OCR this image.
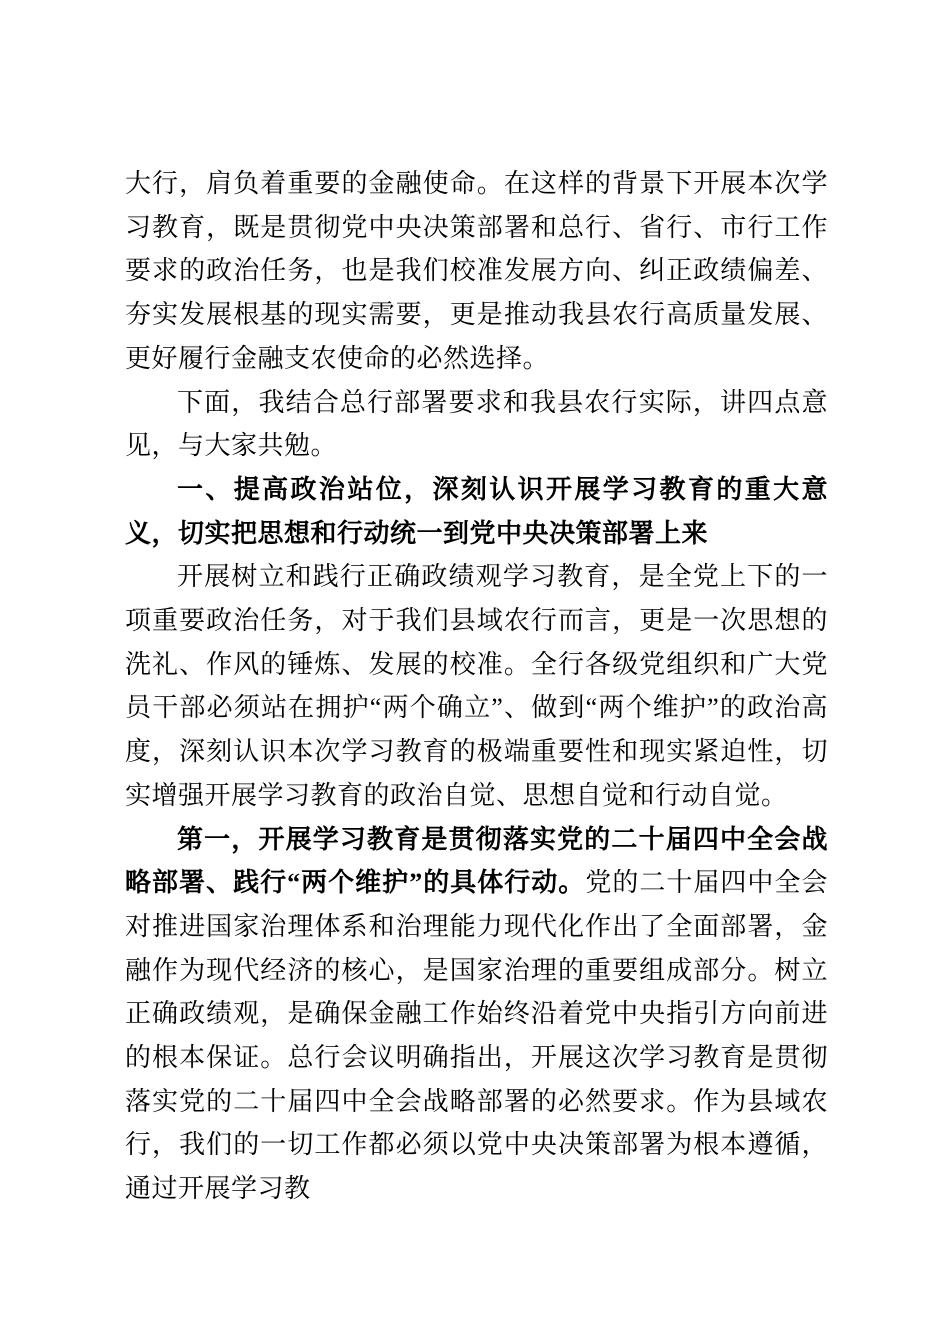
大行，肩负着重要的金融使命。在这样的背景下开展本次学习教育，既是贯彻党中央决策部署和总行、省行、市行工作要求的政治任务，也是我们校准发展方向、纠正政绩偏差、夯实发展根基的现实需要，更是推动我县农行高质量发展、更好履行金融支农使命的必然选择。

下面，我结合总行部署要求和我县农行实际，讲四点意见，与大家共勉。

一、提高政治站位，深刻认识开展学习教育的重大意义，切实把思想和行动统一到党中央决策部署上来

开展树立和践行正确政绩观学习教育，是全党上下的一项重要政治任务，对于我们县域农行而言，更是一次思想的洗礼、作风的锤炼、发展的校准。全行各级党组织和广大党员干部必须站在拥护“两个确立”、做到“两个维护”的政治高度，深刻认识本次学习教育的极端重要性和现实紧迫性，切实增强开展学习教育的政治自觉、思想自觉和行动自觉。

第一，开展学习教育是贯彻落实党的二十届四中全会战略部署、践行“两个维护”的具体行动。党的二十届四中全会对推进国家治理体系和治理能力现代化作出了全面部署，金融作为现代经济的核心，是国家治理的重要组成部分。树立正确政绩观，是确保金融工作始终沿着党中央指引方向前进的根本保证。总行会议明确指出，开展这次学习教育是贯彻落实党的二十届四中全会战略部署的必然要求。作为县域农行，我们的一切工作都必须以党中央决策部署为根本遵循，通过开展学习教
